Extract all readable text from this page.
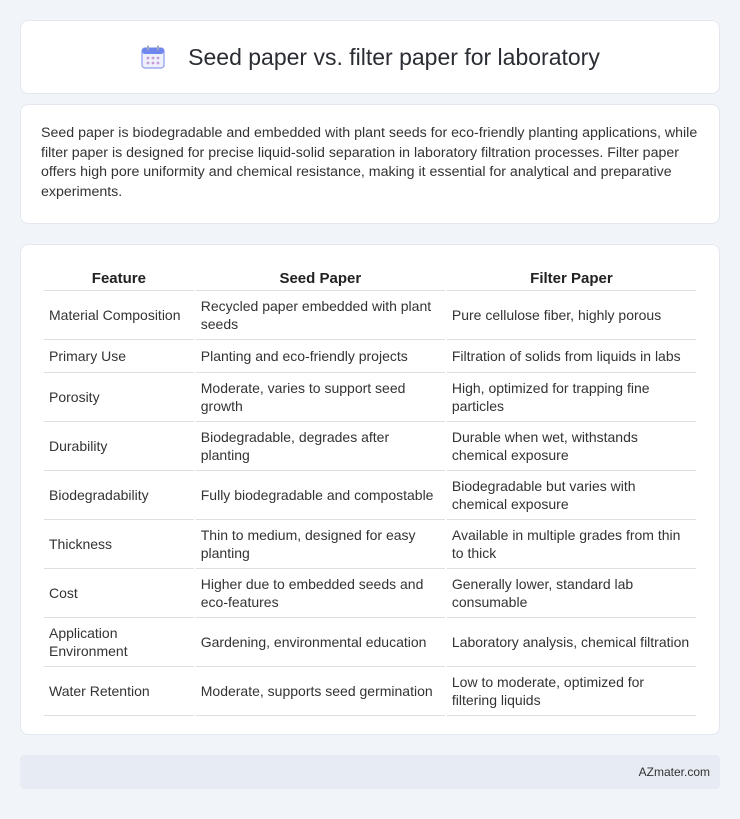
Seed paper vs. filter paper for laboratory

Seed paper is biodegradable and embedded with plant seeds for eco-friendly planting applications, while filter paper is designed for precise liquid-solid separation in laboratory filtration processes. Filter paper offers high pore uniformity and chemical resistance, making it essential for analytical and preparative experiments.

Feature	Seed Paper	Filter Paper
Material Composition	Recycled paper embedded with plant seeds	Pure cellulose fiber, highly porous
Primary Use	Planting and eco-friendly projects	Filtration of solids from liquids in labs
Porosity	Moderate, varies to support seed growth	High, optimized for trapping fine particles
Durability	Biodegradable, degrades after planting	Durable when wet, withstands chemical exposure
Biodegradability	Fully biodegradable and compostable	Biodegradable but varies with chemical exposure
Thickness	Thin to medium, designed for easy planting	Available in multiple grades from thin to thick
Cost	Higher due to embedded seeds and eco-features	Generally lower, standard lab consumable
Application Environment	Gardening, environmental education	Laboratory analysis, chemical filtration
Water Retention	Moderate, supports seed germination	Low to moderate, optimized for filtering liquids
AZmater.com
